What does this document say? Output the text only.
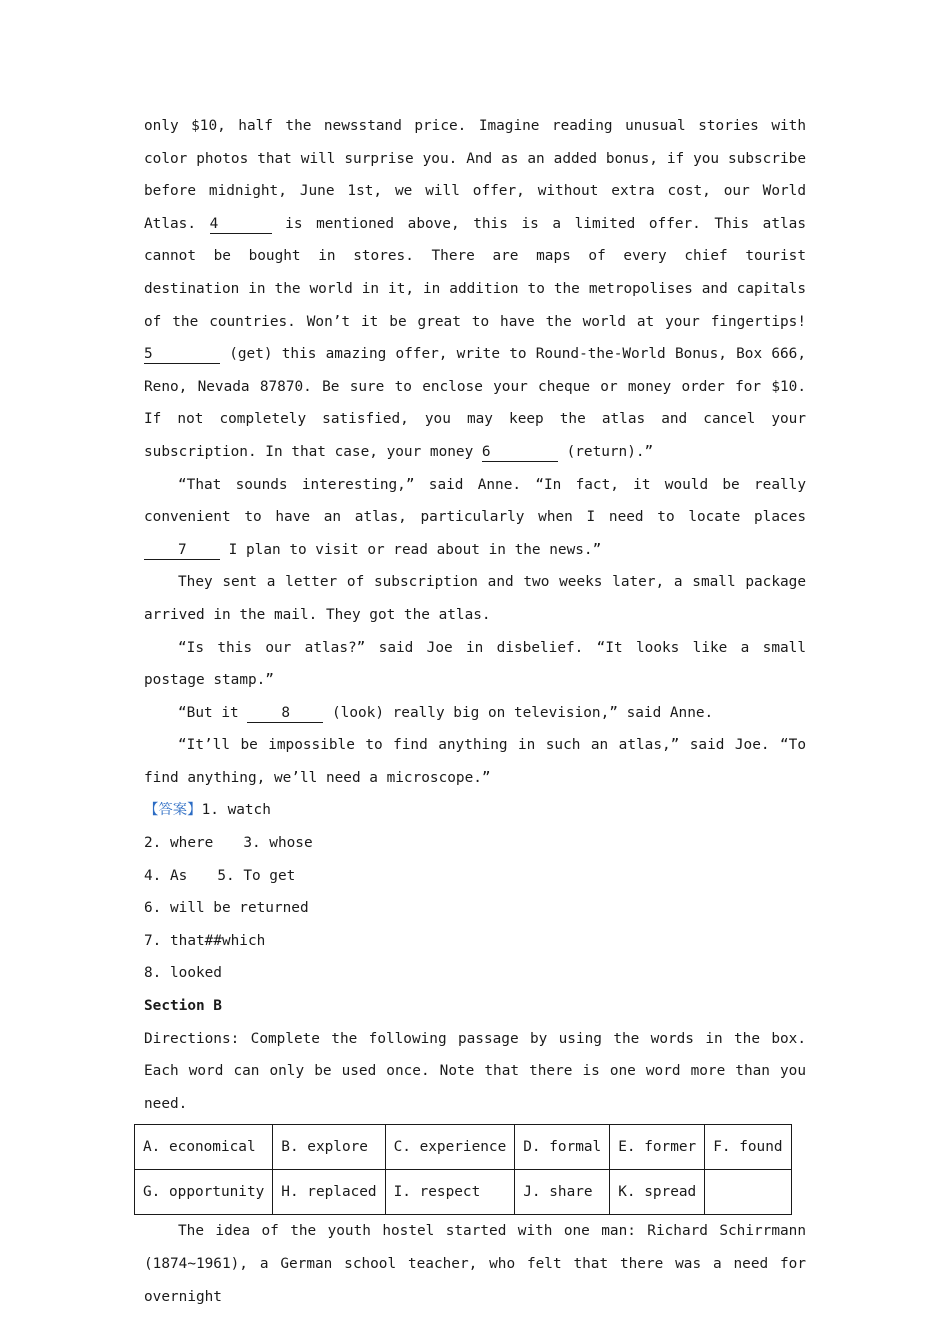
only $10, half the newsstand price. Imagine reading unusual stories with color photos that will surprise you. And as an added bonus, if you subscribe before midnight, June 1st, we will offer, without extra cost, our World Atlas. 4	is mentioned above, this is a limited offer. This atlas cannot be bought in stores. There are maps of every chief tourist destination in the world in it, in addition to the metropolises and capitals of the countries. Won’t it be great to have the world at your fingertips! 5	(get) this amazing offer, write to Round-the-World Bonus, Box 666, Reno, Nevada 87870. Be sure to enclose your cheque or money order for $10. If not completely satisfied, you may keep the atlas and cancel your subscription. In that case, your money 6	(return).”

“That sounds interesting,” said Anne. “In fact, it would be really convenient to have an atlas, particularly when I need to locate places 7	I plan to visit or read about in the news.”

They sent a letter of subscription and two weeks later, a small package arrived in the mail. They got the atlas.

“Is this our atlas?” said Joe in disbelief. “It looks like a small postage stamp.”

“But it	8	(look) really big on television,” said Anne.

“It’ll be impossible to find anything in such an atlas,” said Joe. “To find anything, we’ll need a microscope.”

【答案】1. watch

2. where 3. whose

4. As 5. To get

6. will be returned

7. that##which

8. looked

Section B

Directions: Complete the following passage by using the words in the box. Each word can only be used once. Note that there is one word more than you need.

A. economical	B. explore	C. experience	D. formal	E. former	F. found
G. opportunity	H. replaced	I. respect	J. share	K. spread	

The idea of the youth hostel started with one man: Richard Schirrmann (1874~1961), a German school teacher, who felt that there was a need for overnight
